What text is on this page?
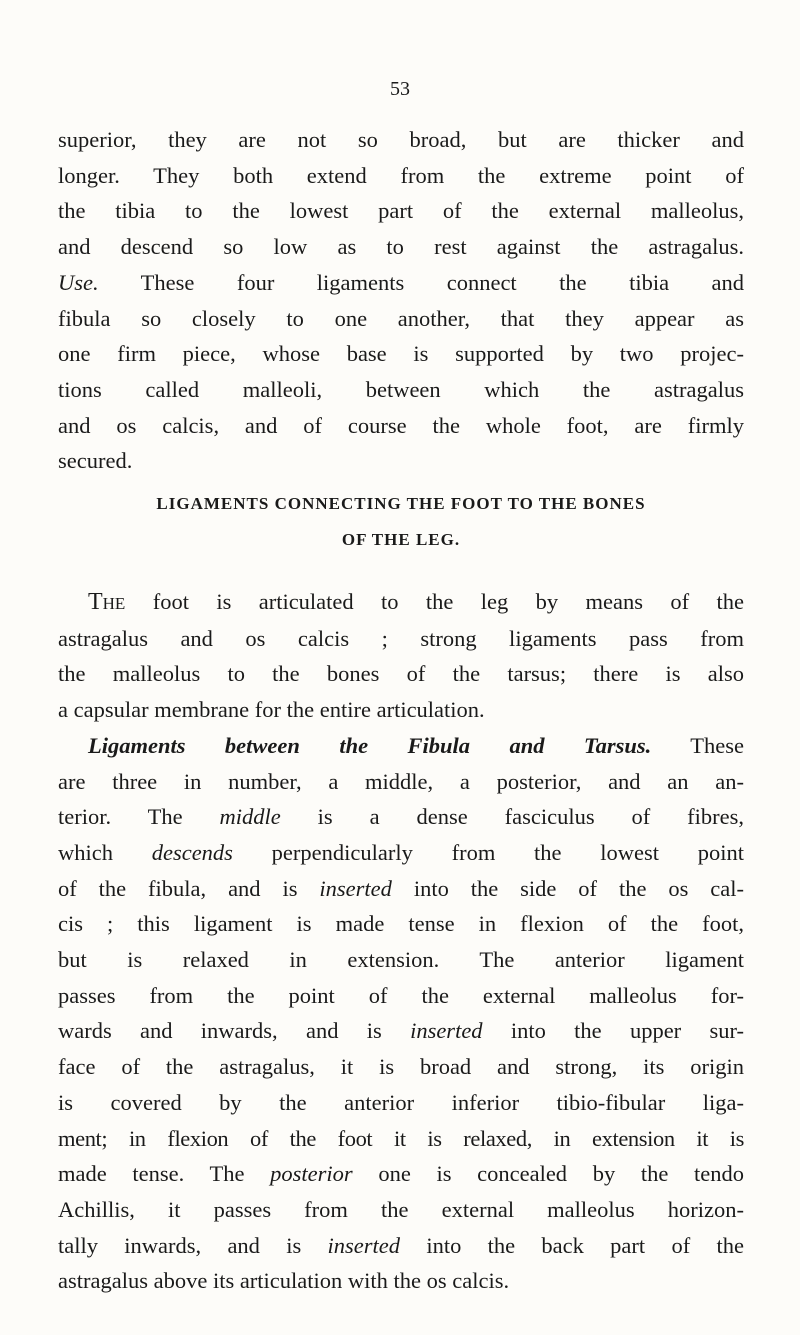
53
superior, they are not so broad, but are thicker and
longer. They both extend from the extreme point of
the tibia to the lowest part of the external malleolus,
and descend so low as to rest against the astragalus.
Use. These four ligaments connect the tibia and
fibula so closely to one another, that they appear as
one firm piece, whose base is supported by two projec-
tions called malleoli, between which the astragalus
and os calcis, and of course the whole foot, are firmly
secured.
LIGAMENTS CONNECTING THE FOOT TO THE BONES
OF THE LEG.
The foot is articulated to the leg by means of the
astragalus and os calcis ; strong ligaments pass from
the malleolus to the bones of the tarsus; there is also
a capsular membrane for the entire articulation.
Ligaments between the Fibula and Tarsus. These
are three in number, a middle, a posterior, and an an-
terior. The middle is a dense fasciculus of fibres,
which descends perpendicularly from the lowest point
of the fibula, and is inserted into the side of the os cal-
cis ; this ligament is made tense in flexion of the foot,
but is relaxed in extension. The anterior ligament
passes from the point of the external malleolus for-
wards and inwards, and is inserted into the upper sur-
face of the astragalus, it is broad and strong, its origin
is covered by the anterior inferior tibio-fibular liga-
ment; in flexion of the foot it is relaxed, in extension it is
made tense. The posterior one is concealed by the tendo
Achillis, it passes from the external malleolus horizon-
tally inwards, and is inserted into the back part of the
astragalus above its articulation with the os calcis.
